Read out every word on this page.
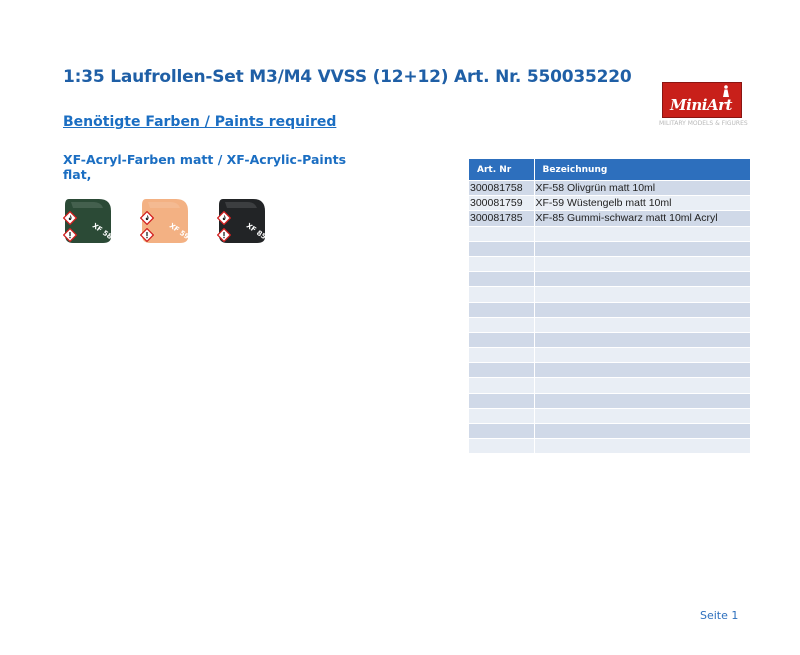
1:35 Laufrollen-Set M3/M4 VVSS (12+12) Art. Nr. 550035220
MiniArt
MILITARY MODELS & FIGURES
Benötigte Farben / Paints required
XF-Acryl-Farben matt / XF-Acrylic-Paints flat,
XF 58	XF 59	XF 85
Art. Nr	Bezeichnung
300081758	XF-58 Olivgrün matt 10ml
300081759	XF-59 Wüstengelb matt 10ml
300081785	XF-85 Gummi-schwarz matt 10ml Acryl

Seite 1
